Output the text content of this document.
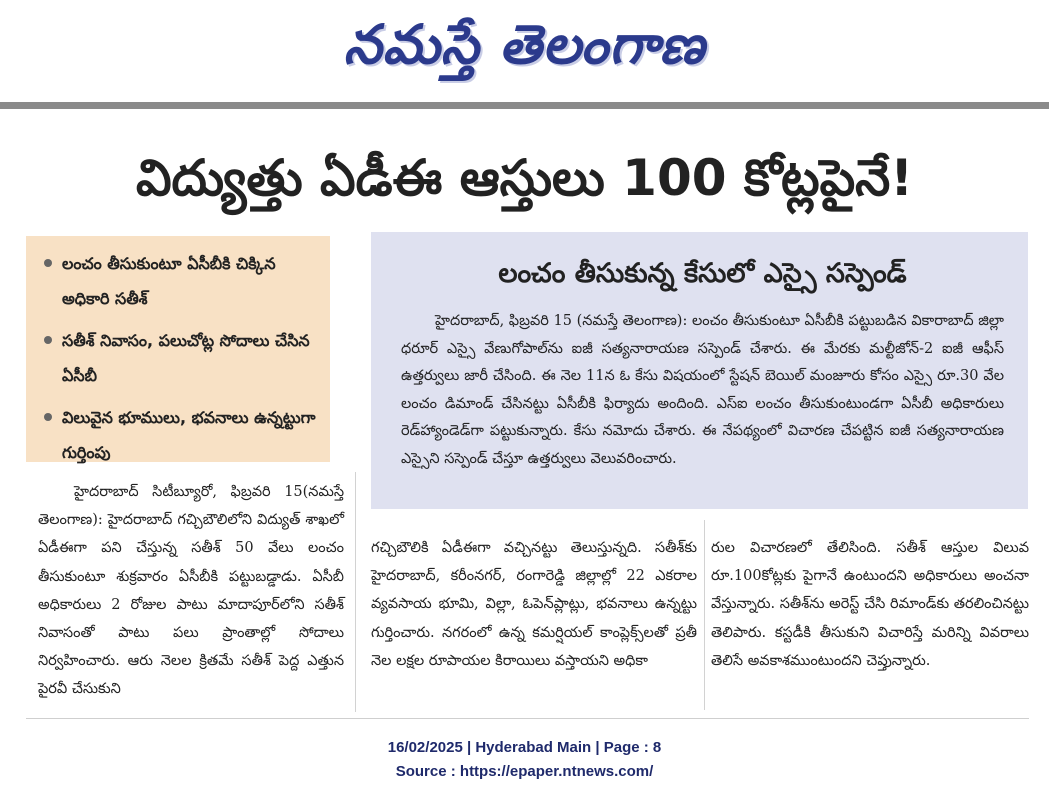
నమస్తే తెలంగాణ
విద్యుత్తు ఏడీఈ ఆస్తులు 100 కోట్లపైనే!
లంచం తీసుకుంటూ ఏసీబీకి చిక్కిన అధికారి సతీశ్
సతీశ్ నివాసం, పలుచోట్ల సోదాలు చేసిన ఏసీబీ
విలువైన భూములు, భవనాలు ఉన్నట్టుగా గుర్తింపు
లంచం తీసుకున్న కేసులో ఎస్సై సస్పెండ్

హైదరాబాద్, ఫిబ్రవరి 15 (నమస్తే తెలంగాణ): లంచం తీసుకుంటూ ఏసీబీకి పట్టుబడిన వికారాబాద్ జిల్లా ధరూర్ ఎస్సై వేణుగోపాల్‌ను ఐజీ సత్యనారాయణ సస్పెండ్ చేశారు. ఈ మేరకు మల్టీజోన్-2 ఐజీ ఆఫీస్ ఉత్తర్వులు జారీ చేసింది. ఈ నెల 11న ఓ కేసు విషయంలో స్టేషన్ బెయిల్ మంజూరు కోసం ఎస్సై రూ.30 వేల లంచం డిమాండ్ చేసినట్టు ఏసీబీకి ఫిర్యాదు అందింది. ఎస్‌ఐ లంచం తీసుకుంటుండగా ఏసీబీ అధికారులు రెడ్‌హ్యాండెడ్‌గా పట్టుకున్నారు. కేసు నమోదు చేశారు. ఈ నేపథ్యంలో విచారణ చేపట్టిన ఐజీ సత్యనారాయణ ఎస్సైని సస్పెండ్ చేస్తూ ఉత్తర్వులు వెలువరించారు.

హైదరాబాద్ సిటీబ్యూరో, ఫిబ్రవరి 15(నమస్తే తెలంగాణ): హైదరాబాద్ గచ్చిబౌలిలోని విద్యుత్ శాఖలో ఏడీఈగా పని చేస్తున్న సతీశ్ 50 వేలు లంచం తీసుకుంటూ శుక్రవారం ఏసీబీకి పట్టుబడ్డాడు. ఏసీబీ అధికారులు 2 రోజుల పాటు మాదాపూర్‌లోని సతీశ్ నివాసంతో పాటు పలు ప్రాంతాల్లో సోదాలు నిర్వహించారు. ఆరు నెలల క్రితమే సతీశ్ పెద్ద ఎత్తున పైరవీ చేసుకుని

గచ్చిబౌలికి ఏడీఈగా వచ్చినట్టు తెలుస్తున్నది. సతీశ్‌కు హైదరాబాద్, కరీంనగర్, రంగారెడ్డి జిల్లాల్లో 22 ఎకరాల వ్యవసాయ భూమి, విల్లా, ఓపెన్‌ప్లాట్లు, భవనాలు ఉన్నట్టు గుర్తించారు. నగరంలో ఉన్న కమర్షియల్ కాంప్లెక్స్‌లతో ప్రతీ నెల లక్షల రూపాయల కిరాయిలు వస్తాయని అధికా

రుల విచారణలో తేలిసింది. సతీశ్ ఆస్తుల విలువ రూ.100కోట్లకు పైగానే ఉంటుందని అధికారులు అంచనా వేస్తున్నారు. సతీశ్‌ను అరెస్ట్ చేసి రిమాండ్‌కు తరలించినట్టు తెలిపారు. కస్టడీకి తీసుకుని విచారిస్తే మరిన్ని వివరాలు తెలిసే అవకాశముంటుందని చెప్తున్నారు.

16/02/2025 | Hyderabad Main | Page : 8
Source : https://epaper.ntnews.com/
